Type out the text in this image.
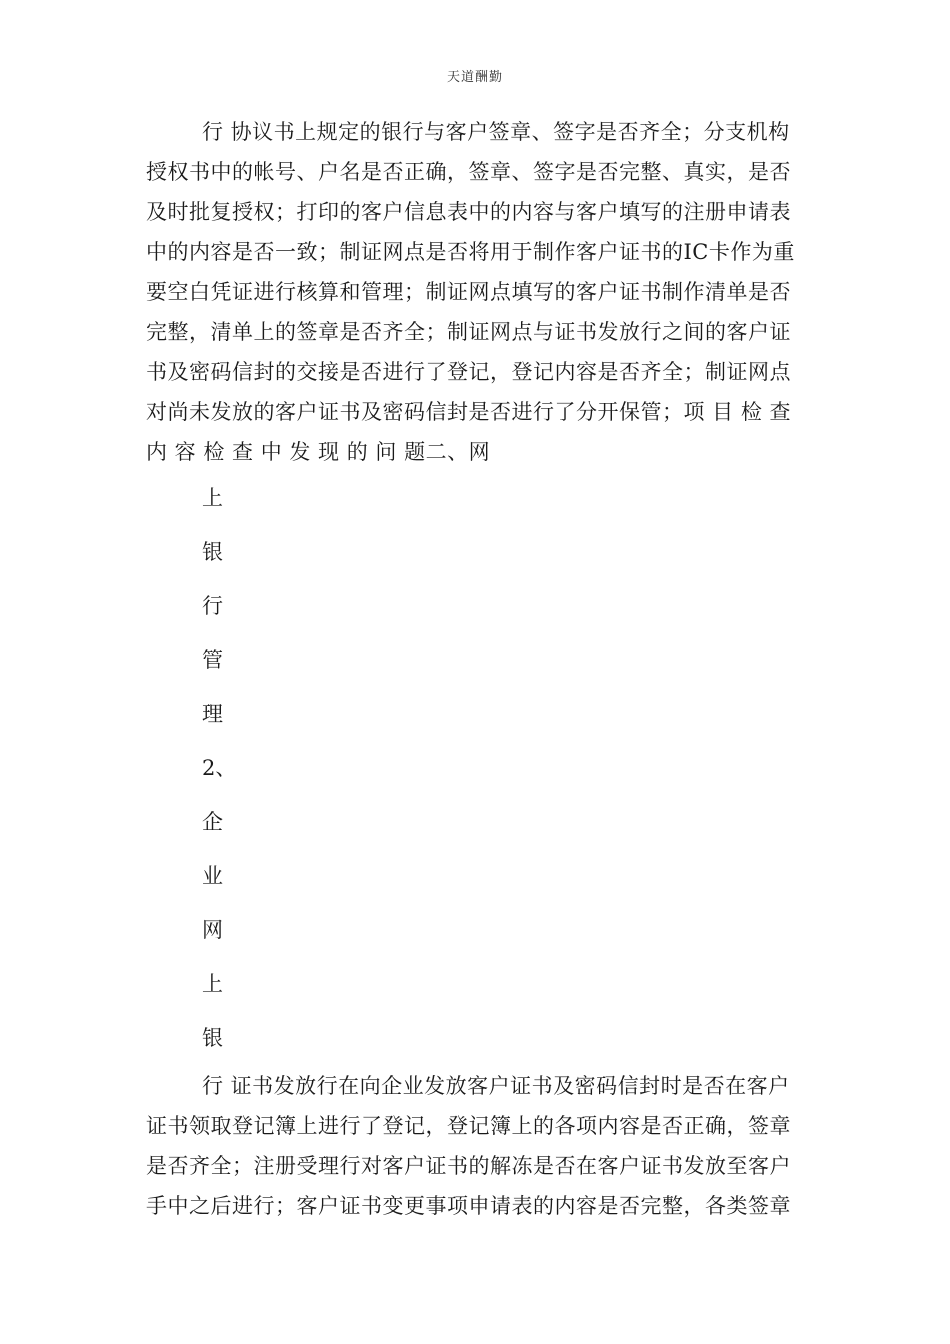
天道酬勤

行 协议书上规定的银行与客户签章、签字是否齐全；分支机构
授权书中的帐号、户名是否正确，签章、签字是否完整、真实，是否
及时批复授权；打印的客户信息表中的内容与客户填写的注册申请表
中的内容是否一致；制证网点是否将用于制作客户证书的IC卡作为重
要空白凭证进行核算和管理；制证网点填写的客户证书制作清单是否
完整，清单上的签章是否齐全；制证网点与证书发放行之间的客户证
书及密码信封的交接是否进行了登记，登记内容是否齐全；制证网点
对尚未发放的客户证书及密码信封是否进行了分开保管；项 目 检 查
内 容 检 查 中 发 现 的 问 题二、网

上
银
行
管
理
2、
企
业
网
上
银

行 证书发放行在向企业发放客户证书及密码信封时是否在客户
证书领取登记簿上进行了登记，登记簿上的各项内容是否正确，签章
是否齐全；注册受理行对客户证书的解冻是否在客户证书发放至客户
手中之后进行；客户证书变更事项申请表的内容是否完整，各类签章
